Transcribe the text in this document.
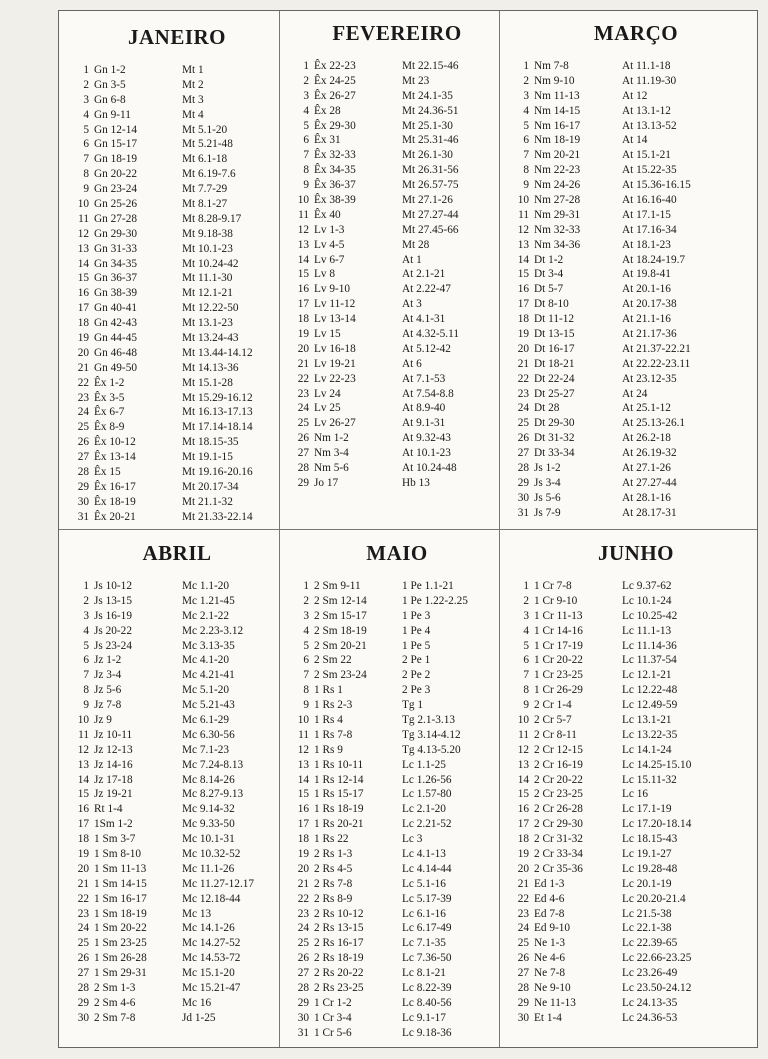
JANEIRO
1 Gn 1-2	Mt 1
2 Gn 3-5	Mt 2
3 Gn 6-8	Mt 3
4 Gn 9-11	Mt 4
5 Gn 12-14	Mt 5.1-20
6 Gn 15-17	Mt 5.21-48
7 Gn 18-19	Mt 6.1-18
8 Gn 20-22	Mt 6.19-7.6
9 Gn 23-24	Mt 7.7-29
10 Gn 25-26	Mt 8.1-27
11 Gn 27-28	Mt 8.28-9.17
12 Gn 29-30	Mt 9.18-38
13 Gn 31-33	Mt 10.1-23
14 Gn 34-35	Mt 10.24-42
15 Gn 36-37	Mt 11.1-30
16 Gn 38-39	Mt 12.1-21
17 Gn 40-41	Mt 12.22-50
18 Gn 42-43	Mt 13.1-23
19 Gn 44-45	Mt 13.24-43
20 Gn 46-48	Mt 13.44-14.12
21 Gn 49-50	Mt 14.13-36
22 Êx 1-2	Mt 15.1-28
23 Êx 3-5	Mt 15.29-16.12
24 Êx 6-7	Mt 16.13-17.13
25 Êx 8-9	Mt 17.14-18.14
26 Êx 10-12	Mt 18.15-35
27 Êx 13-14	Mt 19.1-15
28 Êx 15	Mt 19.16-20.16
29 Êx 16-17	Mt 20.17-34
30 Êx 18-19	Mt 21.1-32
31 Êx 20-21	Mt 21.33-22.14
FEVEREIRO
1 Êx 22-23	Mt 22.15-46
2 Êx 24-25	Mt 23
3 Êx 26-27	Mt 24.1-35
4 Êx 28	Mt 24.36-51
5 Êx 29-30	Mt 25.1-30
6 Êx 31	Mt 25.31-46
7 Êx 32-33	Mt 26.1-30
8 Êx 34-35	Mt 26.31-56
9 Êx 36-37	Mt 26.57-75
10 Êx 38-39	Mt 27.1-26
11 Êx 40	Mt 27.27-44
12 Lv 1-3	Mt 27.45-66
13 Lv 4-5	Mt 28
14 Lv 6-7	At 1
15 Lv 8	At 2.1-21
16 Lv 9-10	At 2.22-47
17 Lv 11-12	At 3
18 Lv 13-14	At 4.1-31
19 Lv 15	At 4.32-5.11
20 Lv 16-18	At 5.12-42
21 Lv 19-21	At 6
22 Lv 22-23	At 7.1-53
23 Lv 24	At 7.54-8.8
24 Lv 25	At 8.9-40
25 Lv 26-27	At 9.1-31
26 Nm 1-2	At 9.32-43
27 Nm 3-4	At 10.1-23
28 Nm 5-6	At 10.24-48
29 Jo 17	Hb 13
MARÇO
1 Nm 7-8	At 11.1-18
2 Nm 9-10	At 11.19-30
3 Nm 11-13	At 12
4 Nm 14-15	At 13.1-12
5 Nm 16-17	At 13.13-52
6 Nm 18-19	At 14
7 Nm 20-21	At 15.1-21
8 Nm 22-23	At 15.22-35
9 Nm 24-26	At 15.36-16.15
10 Nm 27-28	At 16.16-40
11 Nm 29-31	At 17.1-15
12 Nm 32-33	At 17.16-34
13 Nm 34-36	At 18.1-23
14 Dt 1-2	At 18.24-19.7
15 Dt 3-4	At 19.8-41
16 Dt 5-7	At 20.1-16
17 Dt 8-10	At 20.17-38
18 Dt 11-12	At 21.1-16
19 Dt 13-15	At 21.17-36
20 Dt 16-17	At 21.37-22.21
21 Dt 18-21	At 22.22-23.11
22 Dt 22-24	At 23.12-35
23 Dt 25-27	At 24
24 Dt 28	At 25.1-12
25 Dt 29-30	At 25.13-26.1
26 Dt 31-32	At 26.2-18
27 Dt 33-34	At 26.19-32
28 Js 1-2	At 27.1-26
29 Js 3-4	At 27.27-44
30 Js 5-6	At 28.1-16
31 Js 7-9	At 28.17-31
ABRIL
1 Js 10-12	Mc 1.1-20
2 Js 13-15	Mc 1.21-45
3 Js 16-19	Mc 2.1-22
4 Js 20-22	Mc 2.23-3.12
5 Js 23-24	Mc 3.13-35
6 Jz 1-2	Mc 4.1-20
7 Jz 3-4	Mc 4.21-41
8 Jz 5-6	Mc 5.1-20
9 Jz 7-8	Mc 5.21-43
10 Jz 9	Mc 6.1-29
11 Jz 10-11	Mc 6.30-56
12 Jz 12-13	Mc 7.1-23
13 Jz 14-16	Mc 7.24-8.13
14 Jz 17-18	Mc 8.14-26
15 Jz 19-21	Mc 8.27-9.13
16 Rt 1-4	Mc 9.14-32
17 1Sm 1-2	Mc 9.33-50
18 1 Sm 3-7	Mc 10.1-31
19 1 Sm 8-10	Mc 10.32-52
20 1 Sm 11-13	Mc 11.1-26
21 1 Sm 14-15	Mc 11.27-12.17
22 1 Sm 16-17	Mc 12.18-44
23 1 Sm 18-19	Mc 13
24 1 Sm 20-22	Mc 14.1-26
25 1 Sm 23-25	Mc 14.27-52
26 1 Sm 26-28	Mc 14.53-72
27 1 Sm 29-31	Mc 15.1-20
28 2 Sm 1-3	Mc 15.21-47
29 2 Sm 4-6	Mc 16
30 2 Sm 7-8	Jd 1-25
MAIO
1 2 Sm 9-11	1 Pe 1.1-21
2 2 Sm 12-14	1 Pe 1.22-2.25
3 2 Sm 15-17	1 Pe 3
4 2 Sm 18-19	1 Pe 4
5 2 Sm 20-21	1 Pe 5
6 2 Sm 22	2 Pe 1
7 2 Sm 23-24	2 Pe 2
8 1 Rs 1	2 Pe 3
9 1 Rs 2-3	Tg 1
10 1 Rs 4	Tg 2.1-3.13
11 1 Rs 7-8	Tg 3.14-4.12
12 1 Rs 9	Tg 4.13-5.20
13 1 Rs 10-11	Lc 1.1-25
14 1 Rs 12-14	Lc 1.26-56
15 1 Rs 15-17	Lc 1.57-80
16 1 Rs 18-19	Lc 2.1-20
17 1 Rs 20-21	Lc 2.21-52
18 1 Rs 22	Lc 3
19 2 Rs 1-3	Lc 4.1-13
20 2 Rs 4-5	Lc 4.14-44
21 2 Rs 7-8	Lc 5.1-16
22 2 Rs 8-9	Lc 5.17-39
23 2 Rs 10-12	Lc 6.1-16
24 2 Rs 13-15	Lc 6.17-49
25 2 Rs 16-17	Lc 7.1-35
26 2 Rs 18-19	Lc 7.36-50
27 2 Rs 20-22	Lc 8.1-21
28 2 Rs 23-25	Lc 8.22-39
29 1 Cr 1-2	Lc 8.40-56
30 1 Cr 3-4	Lc 9.1-17
31 1 Cr 5-6	Lc 9.18-36
JUNHO
1 1 Cr 7-8	Lc 9.37-62
2 1 Cr 9-10	Lc 10.1-24
3 1 Cr 11-13	Lc 10.25-42
4 1 Cr 14-16	Lc 11.1-13
5 1 Cr 17-19	Lc 11.14-36
6 1 Cr 20-22	Lc 11.37-54
7 1 Cr 23-25	Lc 12.1-21
8 1 Cr 26-29	Lc 12.22-48
9 2 Cr 1-4	Lc 12.49-59
10 2 Cr 5-7	Lc 13.1-21
11 2 Cr 8-11	Lc 13.22-35
12 2 Cr 12-15	Lc 14.1-24
13 2 Cr 16-19	Lc 14.25-15.10
14 2 Cr 20-22	Lc 15.11-32
15 2 Cr 23-25	Lc 16
16 2 Cr 26-28	Lc 17.1-19
17 2 Cr 29-30	Lc 17.20-18.14
18 2 Cr 31-32	Lc 18.15-43
19 2 Cr 33-34	Lc 19.1-27
20 2 Cr 35-36	Lc 19.28-48
21 Ed 1-3	Lc 20.1-19
22 Ed 4-6	Lc 20.20-21.4
23 Ed 7-8	Lc 21.5-38
24 Ed 9-10	Lc 22.1-38
25 Ne 1-3	Lc 22.39-65
26 Ne 4-6	Lc 22.66-23.25
27 Ne 7-8	Lc 23.26-49
28 Ne 9-10	Lc 23.50-24.12
29 Ne 11-13	Lc 24.13-35
30 Et 1-4	Lc 24.36-53
